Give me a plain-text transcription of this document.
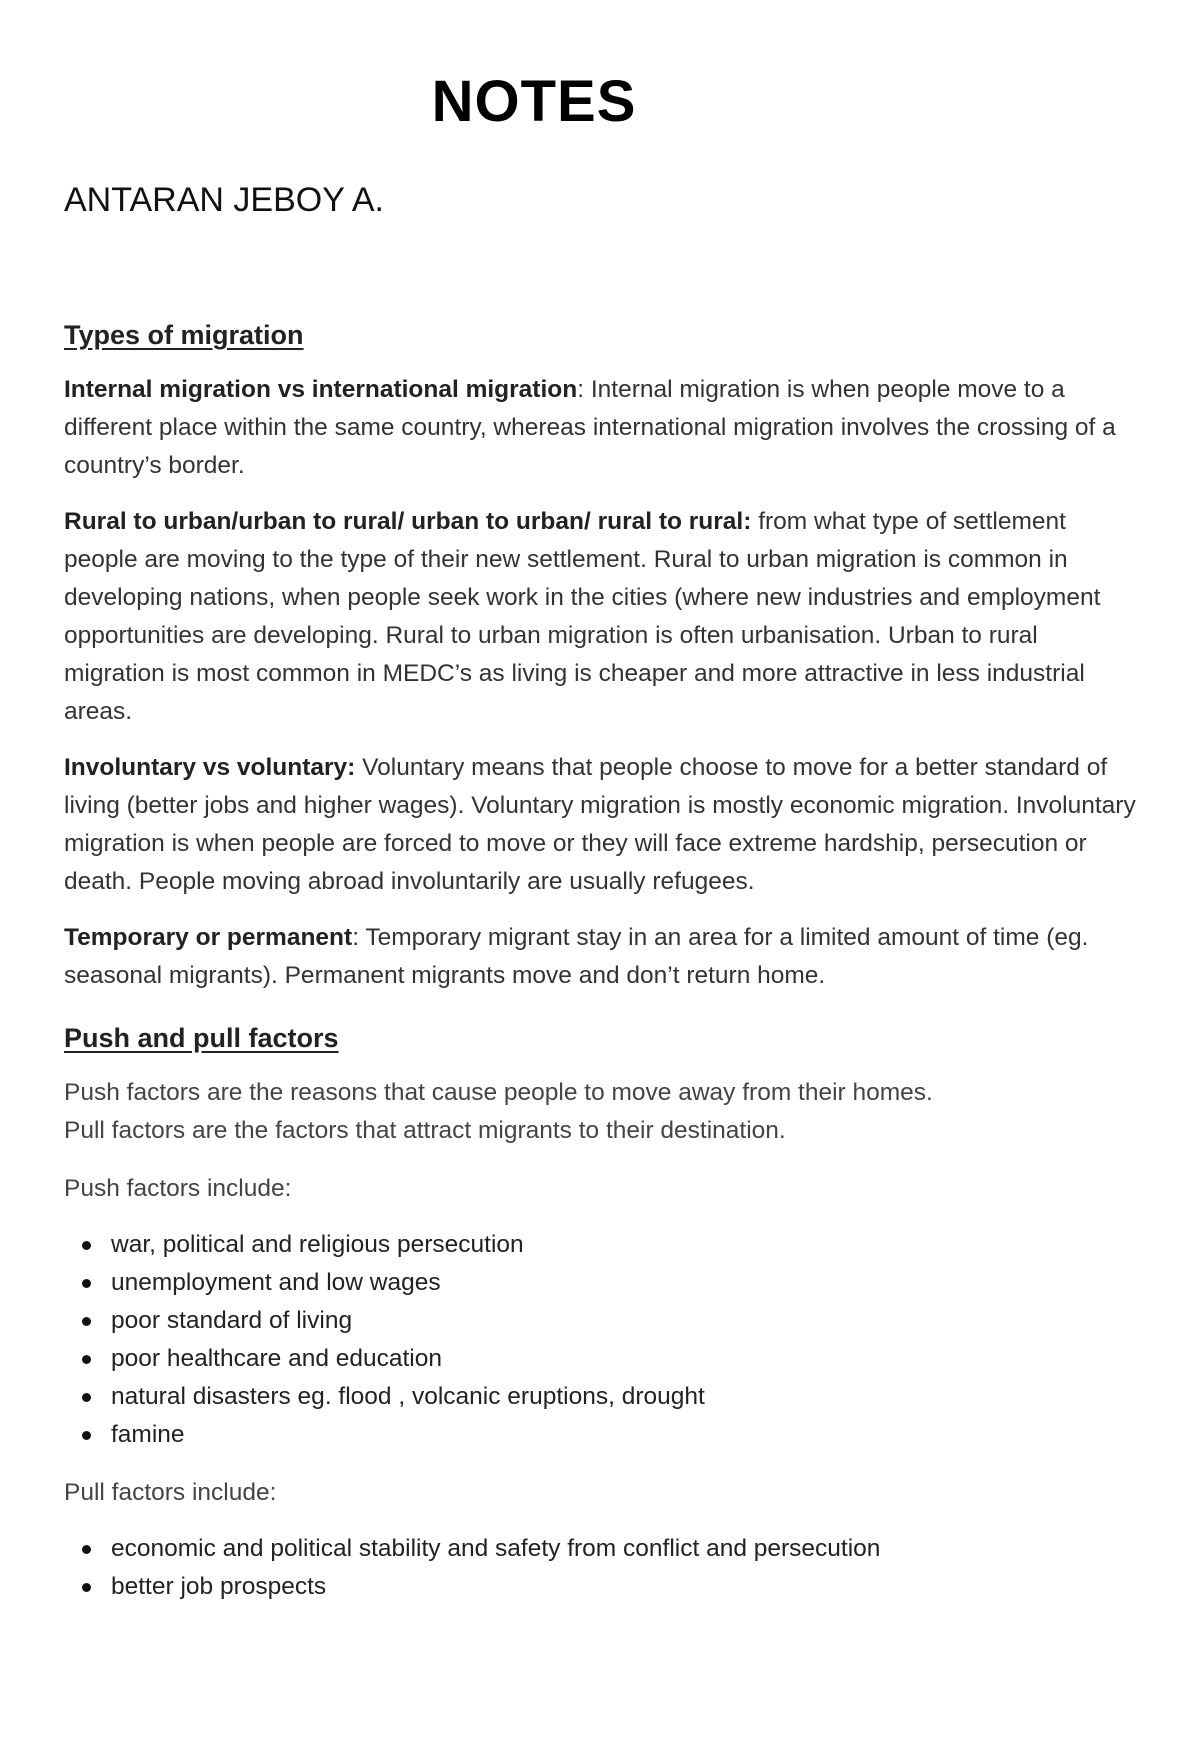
NOTES
ANTARAN JEBOY A.
Types of migration

Internal migration vs international migration: Internal migration is when people move to a different place within the same country, whereas international migration involves the crossing of a country’s border.

Rural to urban/urban to rural/ urban to urban/ rural to rural: from what type of settlement people are moving to the type of their new settlement. Rural to urban migration is common in developing nations, when people seek work in the cities (where new industries and employment opportunities are developing. Rural to urban migration is often urbanisation. Urban to rural migration is most common in MEDC’s as living is cheaper and more attractive in less industrial areas.

Involuntary vs voluntary: Voluntary means that people choose to move for a better standard of living (better jobs and higher wages). Voluntary migration is mostly economic migration. Involuntary migration is when people are forced to move or they will face extreme hardship, persecution or death. People moving abroad involuntarily are usually refugees.

Temporary or permanent: Temporary migrant stay in an area for a limited amount of time (eg. seasonal migrants). Permanent migrants move and don’t return home.

Push and pull factors

Push factors are the reasons that cause people to move away from their homes.
Pull factors are the factors that attract migrants to their destination.

Push factors include:

war, political and religious persecution
unemployment and low wages
poor standard of living
poor healthcare and education
natural disasters eg. flood , volcanic eruptions, drought
famine

Pull factors include:

economic and political stability and safety from conflict and persecution
better job prospects
